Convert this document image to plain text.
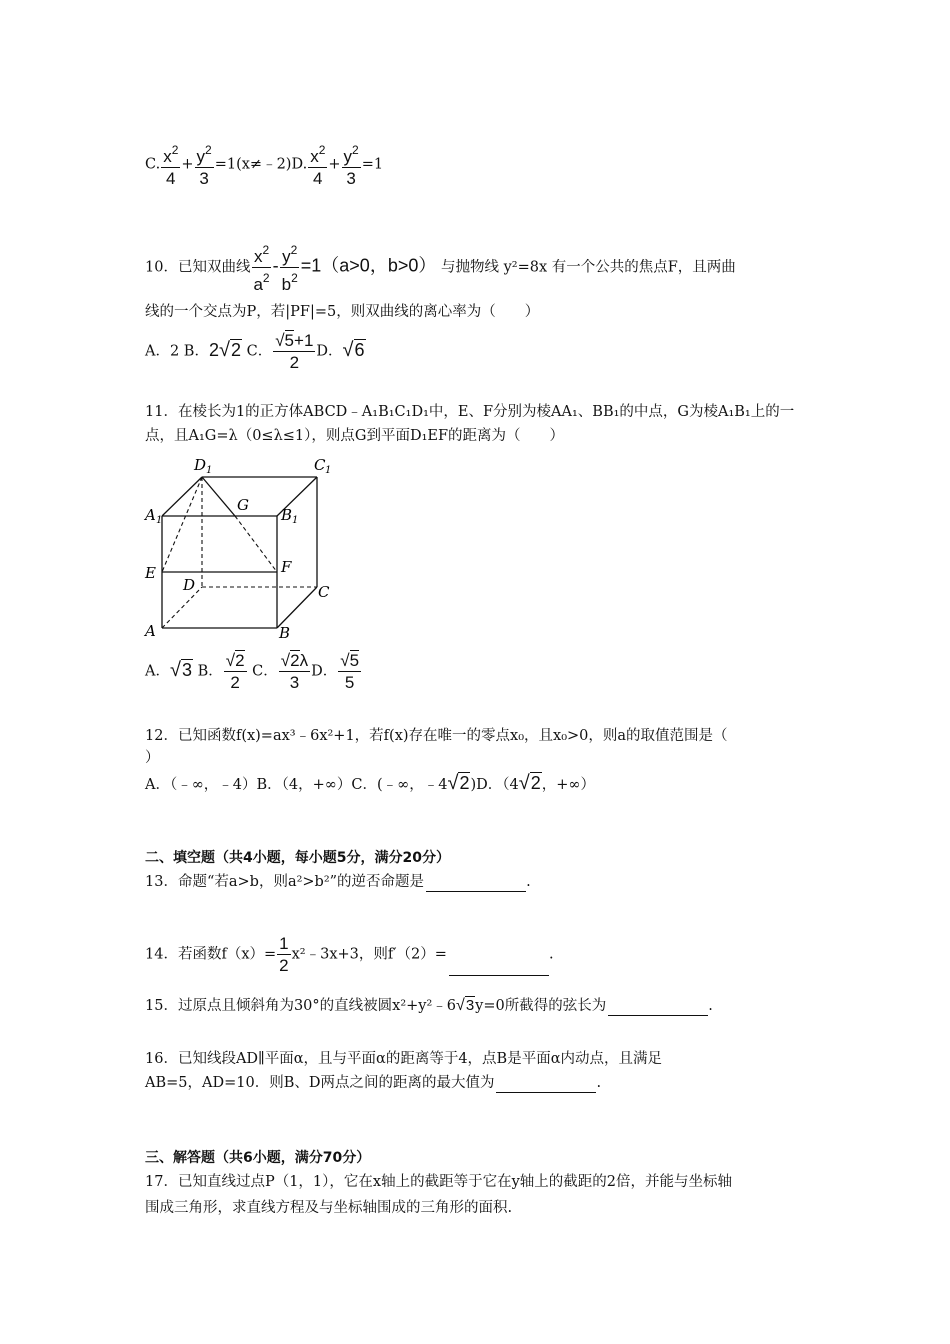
C. $\frac{x^2}{4} + \frac{y^2}{3}$ =1(x≠﹣2)D. $\frac{x^2}{4} + \frac{y^2}{3} =1$
10．已知双曲线 $\frac{x^2}{a^2} - \frac{y^2}{b^2} =1(a>0$，b>0） 与抛物线 y²=8x 有一个公共的焦点F，且两曲
线的一个交点为P，若|PF|=5，则双曲线的离心率为（　　）
A．2 B．2√2 C． $\frac{√5+1}{2}$ D．√6
11．在棱长为1的正方体ABCD﹣A₁B₁C₁D₁中，E、F分别为棱AA₁、BB₁的中点，G为棱A₁B₁上的一
点，且A₁G=λ（0≤λ≤1），则点G到平面D₁EF的距离为（　　）
D 1	C 1
A 1	B 1
G
E	F
D	C
A	B
A．√3 B． $\frac{√2}{2}$ C． $\frac{√2\lambda}{3}$ D． $\frac{√5}{5}$
12．已知函数f(x)=ax³﹣6x²+1，若f(x)存在唯一的零点x₀，且x₀>0，则a的取值范围是（
）
A．（﹣∞，﹣4）B．（4，+∞）C．(﹣∞，﹣4√2)D．（4√2，+∞）
二、填空题（共4小题，每小题5分，满分20分）
13．命题“若a>b，则a²>b²”的逆否命题是	.
14．若函数$f(x)= \frac{1}{2}$ x²﹣3x+3，则f′（2）=	.
15．过原点且倾斜角为30°的直线被圆x²+y²﹣6√3y=0所截得的弦长为	.
16．已知线段AD∥平面α，且与平面α的距离等于4，点B是平面α内动点，且满足
AB=5，AD=10．则B、D两点之间的距离的最大值为	.
三、解答题（共6小题，满分70分）
17．已知直线过点P（1，1），它在x轴上的截距等于它在y轴上的截距的2倍，并能与坐标轴
围成三角形，求直线方程及与坐标轴围成的三角形的面积.
